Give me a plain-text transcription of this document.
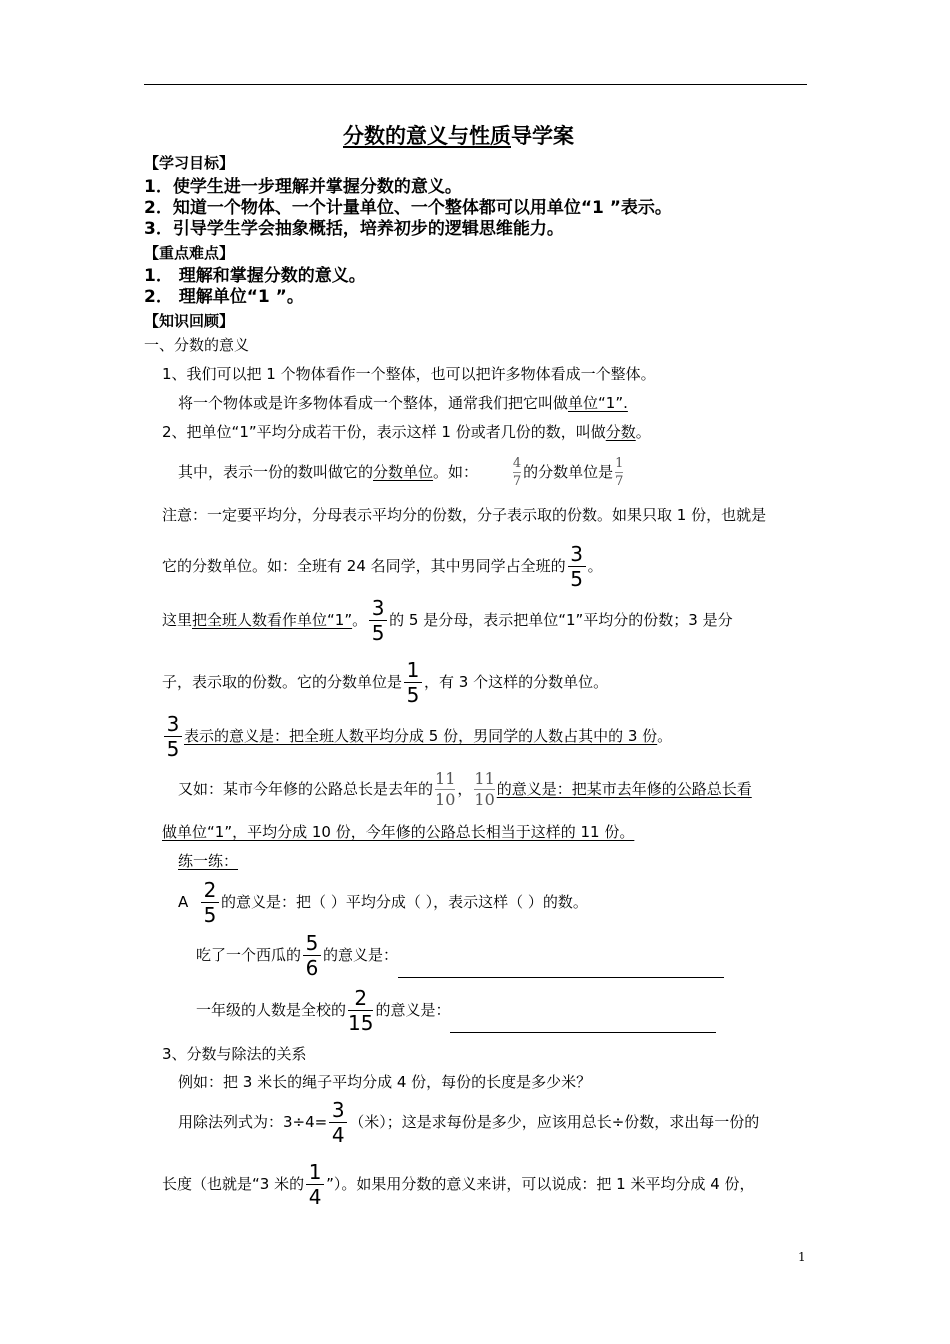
分数的意义与性质导学案
【学习目标】
1．使学生进一步理解并掌握分数的意义。
2．知道一个物体、一个计量单位、一个整体都可以用单位“1 ”表示。
3．引导学生学会抽象概括，培养初步的逻辑思维能力。
【重点难点】
1． 理解和掌握分数的意义。
2． 理解单位“1 ”。
【知识回顾】
一、分数的意义
1、我们可以把 1 个物体看作一个整体，也可以把许多物体看成一个整体。
将一个物体或是许多物体看成一个整体，通常我们把它叫做单位“1”.
2、把单位“1”平均分成若干份，表示这样 1 份或者几份的数，叫做分数。
其中，表示一份的数叫做它的分数单位。如：	$\frac{4}{7}$ 的分数单位是 $\frac{1}{7}$
注意：一定要平均分，分母表示平均分的份数，分子表示取的份数。如果只取 1 份，也就是
它的分数单位。如：全班有 24 名同学，其中男同学占全班的 $\frac{3}{5}$ 。
这里把全班人数看作单位“1”。 $\frac{3}{5}$ 的 5 是分母，表示把单位“1”平均分的份数；3 是分
子，表示取的份数。它的分数单位是 $\frac{1}{5}$ ，有 3 个这样的分数单位。
$\frac{3}{5}$ 表示的意义是：把全班人数平均分成 5 份，男同学的人数占其中的 3 份。
又如：某市今年修的公路总长是去年的 $\frac{11}{10}$ ， $\frac{11}{10}$ 的意义是：把某市去年修的公路总长看
做单位“1”，平均分成 10 份，今年修的公路总长相当于这样的 11 份。
练一练：
A $\frac{2}{5}$ 的意义是：把（ ）平均分成（ ），表示这样（ ）的数。
吃了一个西瓜的 $\frac{5}{6}$ 的意义是：
一年级的人数是全校的 $\frac{2}{15}$ 的意义是：
3、分数与除法的关系
例如：把 3 米长的绳子平均分成 4 份，每份的长度是多少米？
用除法列式为：$3\div 4= \frac{3}{4}$ （米）；这是求每份是多少，应该用总长÷份数，求出每一份的
长度（也就是“3 米的 $\frac{1}{4}$ ”）。如果用分数的意义来讲，可以说成：把 1 米平均分成 4 份，
1
